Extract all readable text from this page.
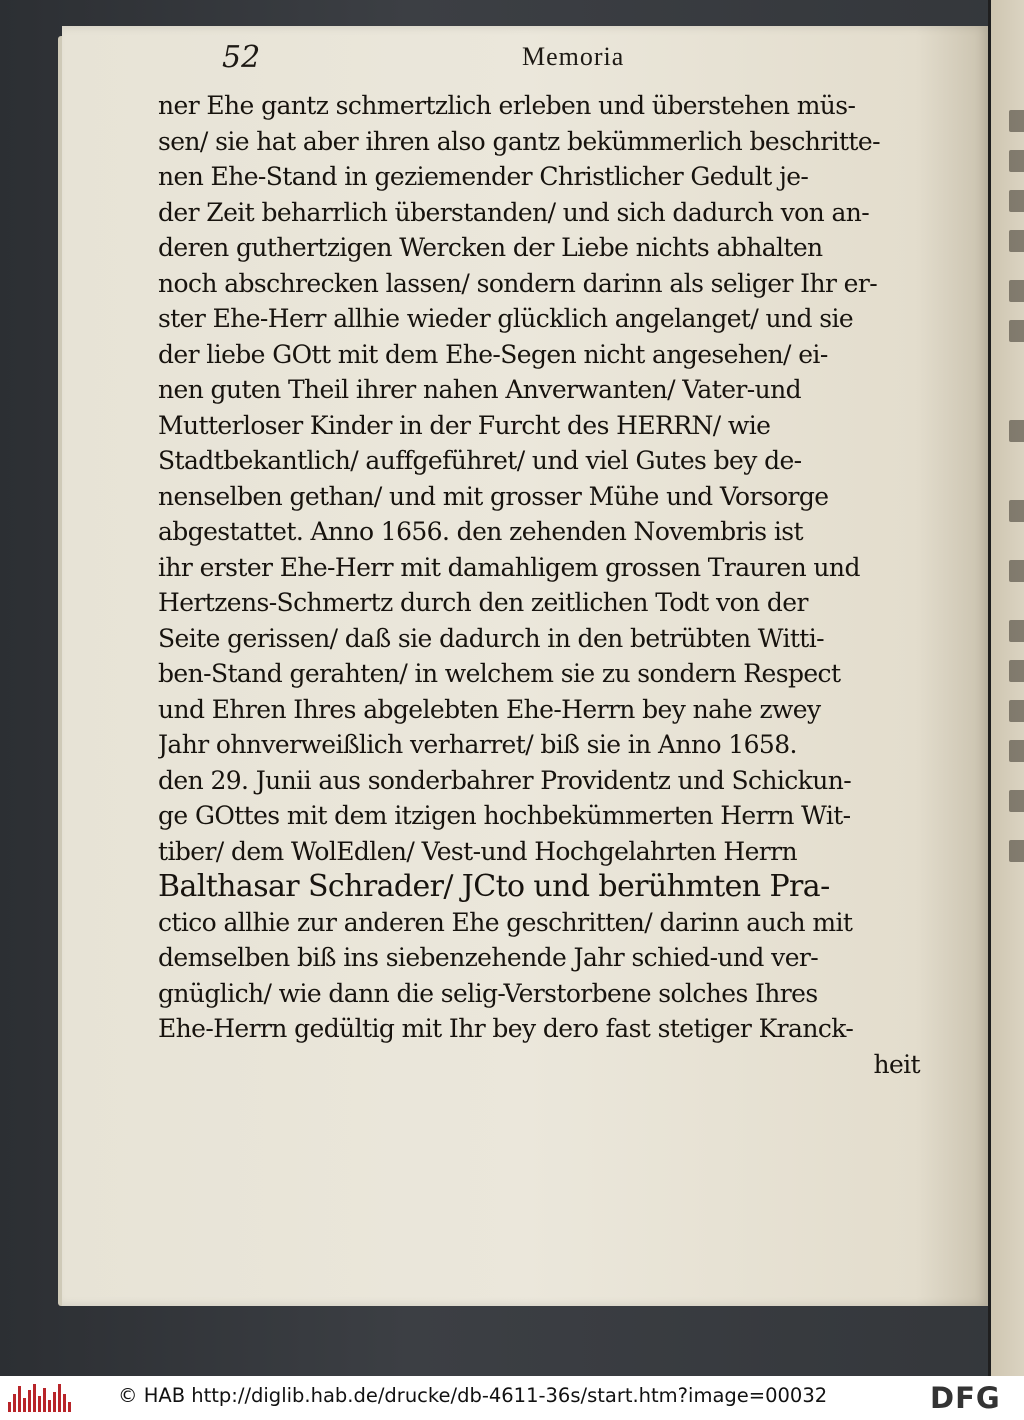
52	Memoria
ner Ehe gantz schmertzlich erleben und überstehen müs-
sen/ sie hat aber ihren also gantz bekümmerlich beschritte-
nen Ehe-Stand in geziemender Christlicher Gedult je-
der Zeit beharrlich überstanden/ und sich dadurch von an-
deren guthertzigen Wercken der Liebe nichts abhalten
noch abschrecken lassen/ sondern darinn als seliger Ihr er-
ster Ehe-Herr allhie wieder glücklich angelanget/ und sie
der liebe GOtt mit dem Ehe-Segen nicht angesehen/ ei-
nen guten Theil ihrer nahen Anverwanten/ Vater-und
Mutterloser Kinder in der Furcht des HERRN/ wie
Stadtbekantlich/ auffgeführet/ und viel Gutes bey de-
nenselben gethan/ und mit grosser Mühe und Vorsorge
abgestattet. Anno 1656. den zehenden Novembris ist
ihr erster Ehe-Herr mit damahligem grossen Trauren und
Hertzens-Schmertz durch den zeitlichen Todt von der
Seite gerissen/ daß sie dadurch in den betrübten Witti-
ben-Stand gerahten/ in welchem sie zu sondern Respect
und Ehren Ihres abgelebten Ehe-Herrn bey nahe zwey
Jahr ohnverweißlich verharret/ biß sie in Anno 1658.
den 29. Junii aus sonderbahrer Providentz und Schickun-
ge GOttes mit dem itzigen hochbekümmerten Herrn Wit-
tiber/ dem WolEdlen/ Vest-und Hochgelahrten Herrn
Balthasar Schrader/ JCto und berühmten Pra-
ctico allhie zur anderen Ehe geschritten/ darinn auch mit
demselben biß ins siebenzehende Jahr schied-und ver-
gnüglich/ wie dann die selig-Verstorbene solches Ihres
Ehe-Herrn gedültig mit Ihr bey dero fast stetiger Kranck-
heit
© HAB http://diglib.hab.de/drucke/db-4611-36s/start.htm?image=00032	DFG
